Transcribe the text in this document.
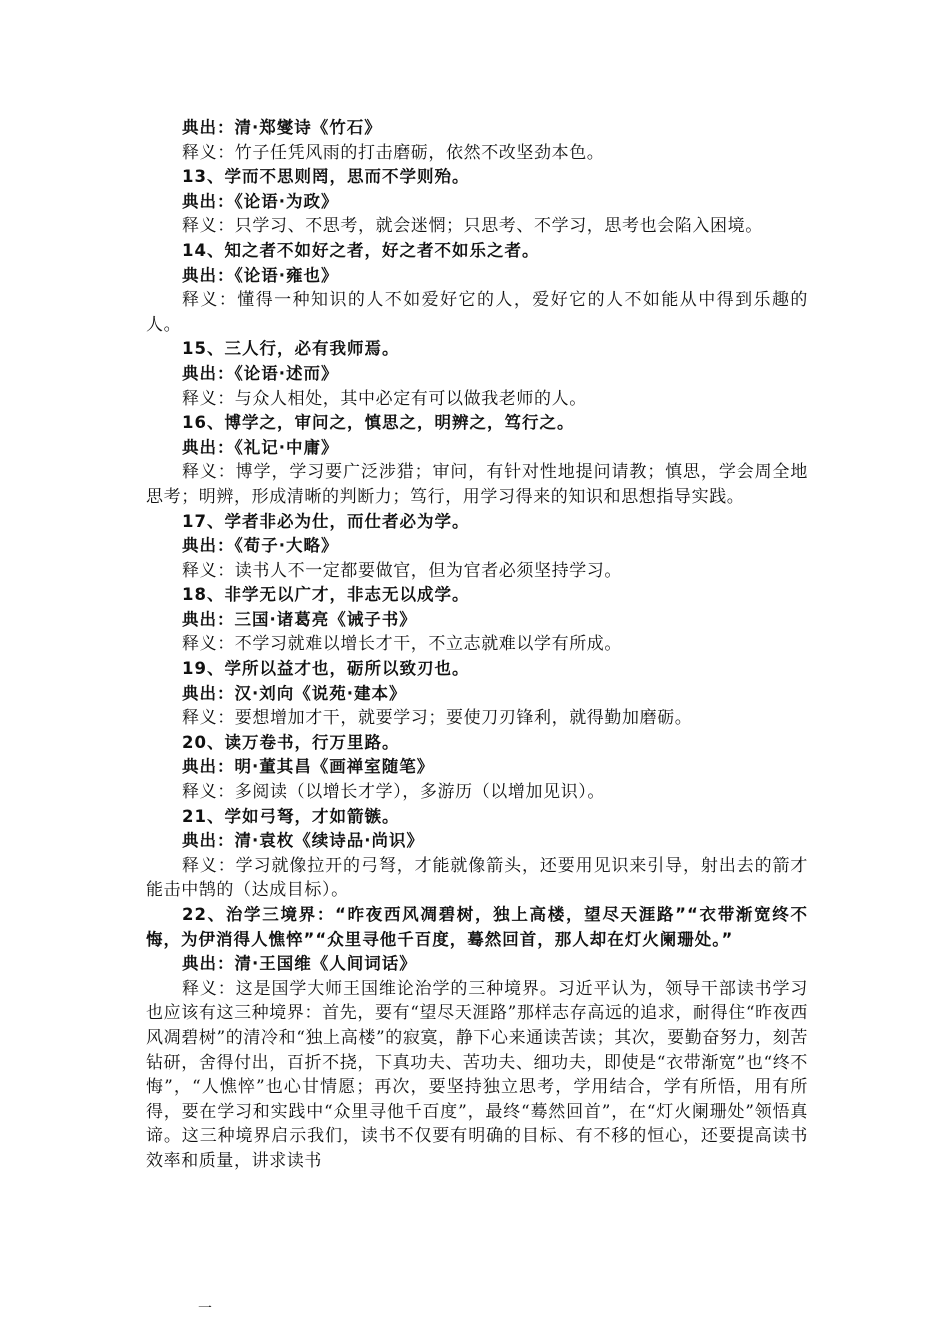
典出：清·郑燮诗《竹石》

释义：竹子任凭风雨的打击磨砺，依然不改坚劲本色。

13、学而不思则罔，思而不学则殆。

典出：《论语·为政》

释义：只学习、不思考，就会迷惘；只思考、不学习，思考也会陷入困境。

14、知之者不如好之者，好之者不如乐之者。

典出：《论语·雍也》

释义：懂得一种知识的人不如爱好它的人，爱好它的人不如能从中得到乐趣的人。

15、三人行，必有我师焉。

典出：《论语·述而》

释义：与众人相处，其中必定有可以做我老师的人。

16、博学之，审问之，慎思之，明辨之，笃行之。

典出：《礼记·中庸》

释义：博学，学习要广泛涉猎；审问，有针对性地提问请教；慎思，学会周全地思考；明辨，形成清晰的判断力；笃行，用学习得来的知识和思想指导实践。

17、学者非必为仕，而仕者必为学。

典出：《荀子·大略》

释义：读书人不一定都要做官，但为官者必须坚持学习。

18、非学无以广才，非志无以成学。

典出：三国·诸葛亮《诫子书》

释义：不学习就难以增长才干，不立志就难以学有所成。

19、学所以益才也，砺所以致刃也。

典出：汉·刘向《说苑·建本》

释义：要想增加才干，就要学习；要使刀刃锋利，就得勤加磨砺。

20、读万卷书，行万里路。

典出：明·董其昌《画禅室随笔》

释义：多阅读（以增长才学），多游历（以增加见识）。

21、学如弓弩，才如箭镞。

典出：清·袁枚《续诗品·尚识》

释义：学习就像拉开的弓弩，才能就像箭头，还要用见识来引导，射出去的箭才能击中鹄的（达成目标）。

22、治学三境界：“昨夜西风凋碧树，独上高楼，望尽天涯路”“衣带渐宽终不悔，为伊消得人憔悴”“众里寻他千百度，蓦然回首，那人却在灯火阑珊处。”

典出：清·王国维《人间词话》

释义：这是国学大师王国维论治学的三种境界。习近平认为，领导干部读书学习也应该有这三种境界：首先，要有“望尽天涯路”那样志存高远的追求，耐得住“昨夜西风凋碧树”的清冷和“独上高楼”的寂寞，静下心来通读苦读；其次，要勤奋努力，刻苦钻研，舍得付出，百折不挠，下真功夫、苦功夫、细功夫，即使是“衣带渐宽”也“终不悔”，“人憔悴”也心甘情愿；再次，要坚持独立思考，学用结合，学有所悟，用有所得，要在学习和实践中“众里寻他千百度”，最终“蓦然回首”，在“灯火阑珊处”领悟真谛。这三种境界启示我们，读书不仅要有明确的目标、有不移的恒心，还要提高读书效率和质量，讲求读书

一
